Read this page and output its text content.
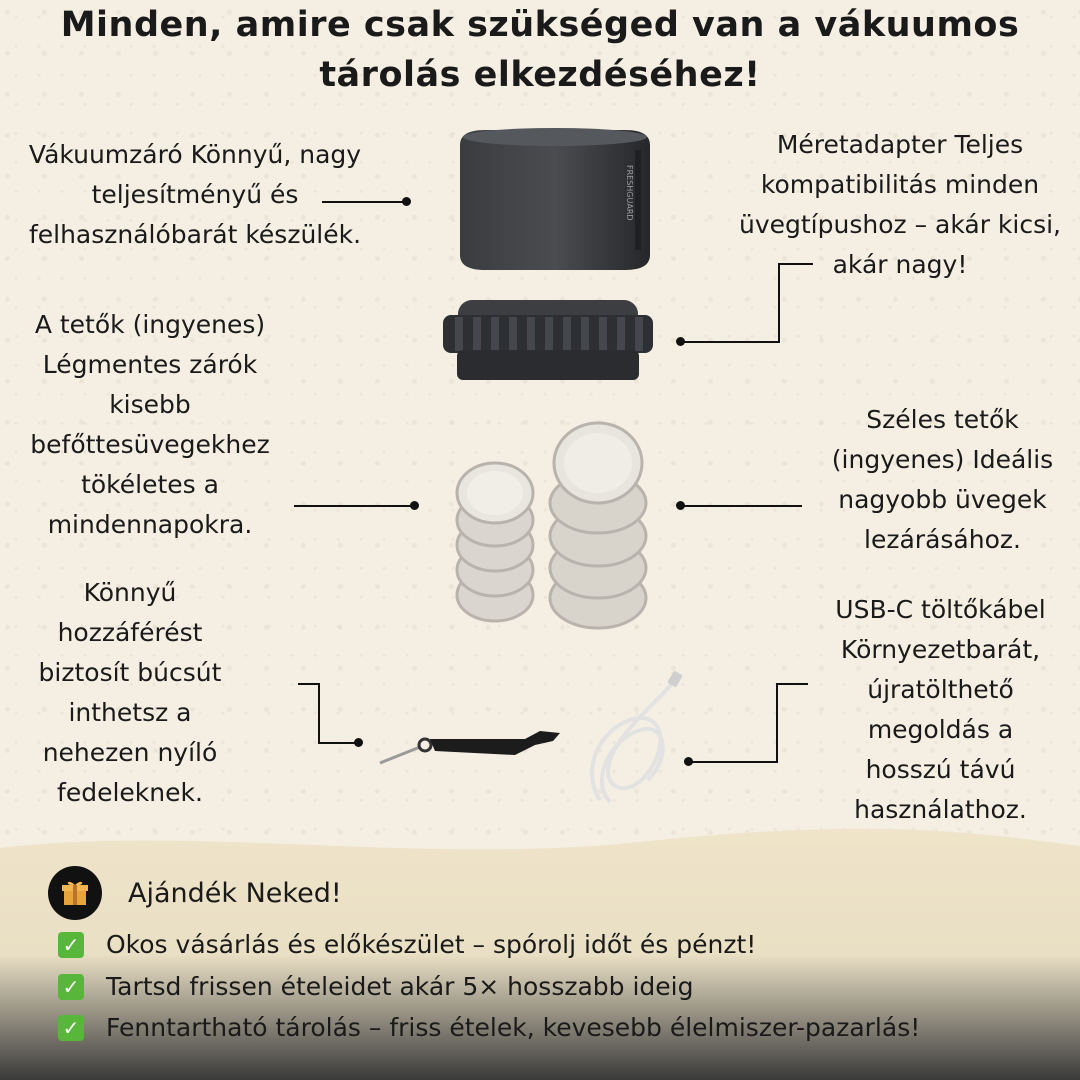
Minden, amire csak szükséged van a vákuumos tárolás elkezdéséhez!
Vákuumzáró Könnyű, nagy
teljesítményű és
felhasználóbarát készülék.
Méretadapter Teljes
kompatibilitás minden
üvegtípushoz – akár kicsi,
akár nagy!
A tetők (ingyenes)
Légmentes zárók
kisebb
befőttesüvegekhez
tökéletes a
mindennapokra.
Széles tetők
(ingyenes) Ideális
nagyobb üvegek
lezárásához.
Könnyű
hozzáférést
biztosít búcsút
inthetsz a
nehezen nyíló
fedeleknek.
USB-C töltőkábel
Környezetbarát,
újratölthető
megoldás a
hosszú távú
használathoz.
FRESHGUARD
Ajándék Neked!
✓ Okos vásárlás és előkészület – spórolj időt és pénzt!
✓ Tartsd frissen ételeidet akár 5× hosszabb ideig
✓ Fenntartható tárolás – friss ételek, kevesebb élelmiszer-pazarlás!
